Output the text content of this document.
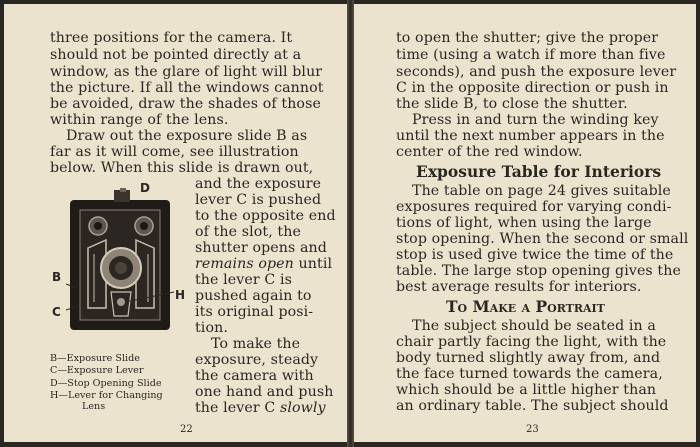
three positions for the camera. It
should not be pointed directly at a
window, as the glare of light will blur
the picture. If all the windows cannot
be avoided, draw the shades of those
within range of the lens.
Draw out the exposure slide B as
far as it will come, see illustration
below. When this slide is drawn out,
D
B
C
H
and the exposure
lever C is pushed
to the opposite end
of the slot, the
shutter opens and
remains open until
the lever C is
pushed again to
its original posi-
tion.
To make the
exposure, steady
the camera with
one hand and push
the lever C slowly
B—Exposure Slide
C—Exposure Lever
D—Stop Opening Slide
H—Lever for Changing
Lens
22
to open the shutter; give the proper
time (using a watch if more than five
seconds), and push the exposure lever
C in the opposite direction or push in
the slide B, to close the shutter.
Press in and turn the winding key
until the next number appears in the
center of the red window.
Exposure Table for Interiors
The table on page 24 gives suitable
exposures required for varying condi-
tions of light, when using the large
stop opening. When the second or small
stop is used give twice the time of the
table. The large stop opening gives the
best average results for interiors.
To Make a Portrait
The subject should be seated in a
chair partly facing the light, with the
body turned slightly away from, and
the face turned towards the camera,
which should be a little higher than
an ordinary table. The subject should
23
